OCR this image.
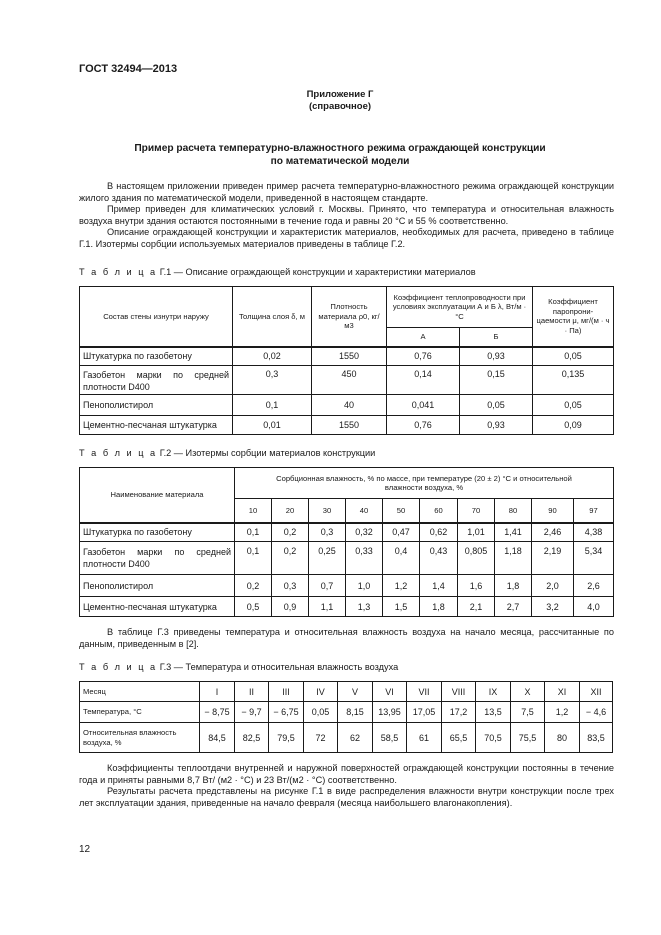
ГОСТ 32494—2013
Приложение Г
(справочное)
Пример расчета температурно-влажностного режима ограждающей конструкции
по математической модели

В настоящем приложении приведен пример расчета температурно-влажностного режима ограждающей конструкции жилого здания по математической модели, приведенной в настоящем стандарте.

Пример приведен для климатических условий г. Москвы. Принято, что температура и относительная влажность воздуха внутри здания остаются постоянными в течение года и равны 20 °С и 55 % соответственно.

Описание ограждающей конструкции и характеристик материалов, необходимых для расчета, приведено в таблице Г.1. Изотермы сорбции используемых материалов приведены в таблице Г.2.

Т а б л и ц а Г.1 — Описание ограждающей конструкции и характеристики материалов
Состав стены изнутри наружу	Толщина слоя δ, м	Плотность материала ρ0, кг/м3	Коэффициент теплопроводности при условиях эксплуатации А и Б λ, Вт/м · °С		Коэффициент паропрони-цаемости μ, мг/(м · ч · Па)
			А	Б	
Штукатурка по газобетону	0,02	1550	0,76	0,93	0,05
Газобетон марки по средней плотности D400	0,3	450	0,14	0,15	0,135
Пенополистирол	0,1	40	0,041	0,05	0,05
Цементно-песчаная штукатурка	0,01	1550	0,76	0,93	0,09
Т а б л и ц а Г.2 — Изотермы сорбции материалов конструкции
Наименование материала	Сорбционная влажность, % по массе, при температуре (20 ± 2) °С и относительной влажности воздуха, %									
	10	20	30	40	50	60	70	80	90	97
Штукатурка по газобетону	0,1	0,2	0,3	0,32	0,47	0,62	1,01	1,41	2,46	4,38
Газобетон марки по средней плотности D400	0,1	0,2	0,25	0,33	0,4	0,43	0,805	1,18	2,19	5,34
Пенополистирол	0,2	0,3	0,7	1,0	1,2	1,4	1,6	1,8	2,0	2,6
Цементно-песчаная штукатурка	0,5	0,9	1,1	1,3	1,5	1,8	2,1	2,7	3,2	4,0

В таблице Г.3 приведены температура и относительная влажность воздуха на начало месяца, рассчитанные по данным, приведенным в [2].

Т а б л и ц а Г.3 — Температура и относительная влажность воздуха
Месяц	I	II	III	IV	V	VI	VII	VIII	IX	X	XI	XII
Температура, °С	− 8,75	− 9,7	− 6,75	0,05	8,15	13,95	17,05	17,2	13,5	7,5	1,2	− 4,6
Относительная влажность воздуха, %	84,5	82,5	79,5	72	62	58,5	61	65,5	70,5	75,5	80	83,5

Коэффициенты теплоотдачи внутренней и наружной поверхностей ограждающей конструкции постоянны в течение года и приняты равными 8,7 Вт/ (м2 · °С) и 23 Вт/(м2 · °С) соответственно.

Результаты расчета представлены на рисунке Г.1 в виде распределения влажности внутри конструкции после трех лет эксплуатации здания, приведенные на начало февраля (месяца наибольшего влагонакопления).

12
